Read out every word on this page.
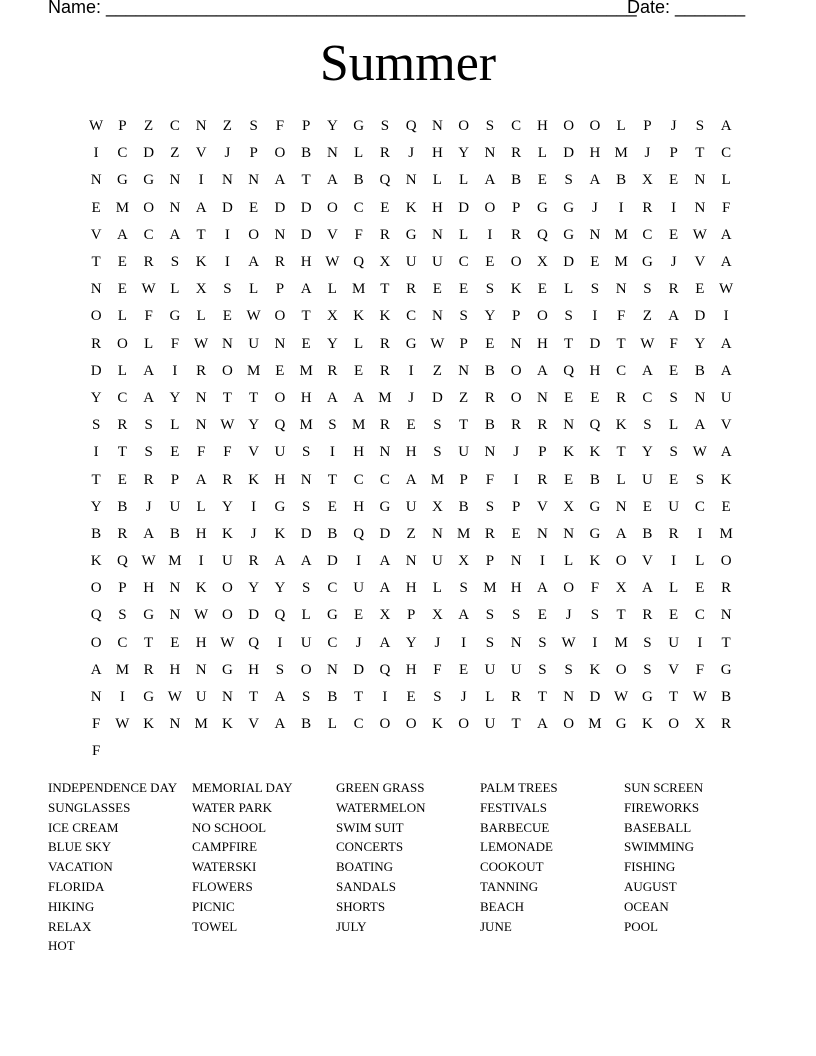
Name: _____________________________________________________
Date: _______
Summer
W	P	Z	C	N	Z	S	F	P	Y	G	S	Q	N	O	S	C	H	O	O	L	P	J	S	A
I	C	D	Z	V	J	P	O	B	N	L	R	J	H	Y	N	R	L	D	H M	J	P	T	C
N	G	G	N	I	N	N	A	T	A	B	Q	N	L	L	A	B	E	S	A	B	X	E	N	L
E	M O	N	A	D	E	D	D	O	C	E	K	H	D	O	P	G	G	J	I	R	I	N	F
V	A	C	A	T	I	O	N	D	V	F	R	G	N	L	I	R	Q	G	N M C	E W A
T	E	R	S	K	I	A	R	H W Q	X	U	U	C	E	O	X	D	E	M G	J	V	A
N	E W L	X	S	L	P	A	L	M T	R	E	E	S	K	E	L	S	N	S	R	E W
O	L	F	G	L	E W O	T	X	K	K	C	N	S	Y	P	O	S	I	F	Z	A	D	I
R	O	L	F W N	U	N	E	Y	L	R	G W	P	E	N	H	T	D	T W	F	Y	A
D	L	A	I	R	O M E	M R	E	R	I	Z	N	B	O	A	Q	H	C	A	E	B	A
Y	C	A	Y	N	T	T	O	H	A	A M	J	D	Z	R	O	N	E	E	R	C	S	N	U
S	R	S	L	N W Y	Q M	S	M R	E	S	T	B	R	R	N	Q	K	S	L	A	V
I	T	S	E	F	F	V	U	S	I	H	N	H	S	U	N	J	P	K	K	T	Y	S W A
T	E	R	P	A	R	K	H	N	T	C	C	A M	P	F	I	R	E	B	L	U	E	S	K
Y	B	J	U	L	Y	I	G	S	E	H	G	U	X	B	S	P	V	X	G	N	E	U	C	E
B	R	A	B	H	K	J	K	D	B	Q	D	Z	N M R	E	N	N	G	A	B	R	I	M
K	Q W M	I	U	R	A	A	D	I	A	N	U	X	P	N	I	L	K	O	V	I	L	O
O	P	H	N	K	O	Y	Y	S	C	U	A	H	L	S	M H	A	O	F	X	A	L	E	R
Q	S	G	N W O	D	Q	L	G	E	X	P	X	A	S	S	E	J	S	T	R	E	C	N
O	C	T	E	H W Q	I	U	C	J	A	Y	J	I	S	N	S W	I	M	S	U	I	T
A M R	H	N	G	H	S	O	N	D	Q	H	F	E	U	U	S	S	K	O	S	V	F	G
N	I	G W U	N	T	A	S	B	T	I	E	S	J	L	R	T	N	D W G	T W B
F W K	N M K	V	A	B	L	C	O	O	K	O	U	T	A	O M G	K	O	X	R
F
INDEPENDENCE DAY	MEMORIAL DAY	GREEN GRASS	PALM TREES	SUN SCREEN
SUNGLASSES	WATER PARK	WATERMELON	FESTIVALS	FIREWORKS
ICE CREAM	NO SCHOOL	SWIM SUIT	BARBECUE	BASEBALL
BLUE SKY	CAMPFIRE	CONCERTS	LEMONADE	SWIMMING
VACATION	WATERSKI	BOATING	COOKOUT	FISHING
FLORIDA	FLOWERS	SANDALS	TANNING	AUGUST
HIKING	PICNIC	SHORTS	BEACH	OCEAN
RELAX	TOWEL	JULY	JUNE	POOL
HOT
